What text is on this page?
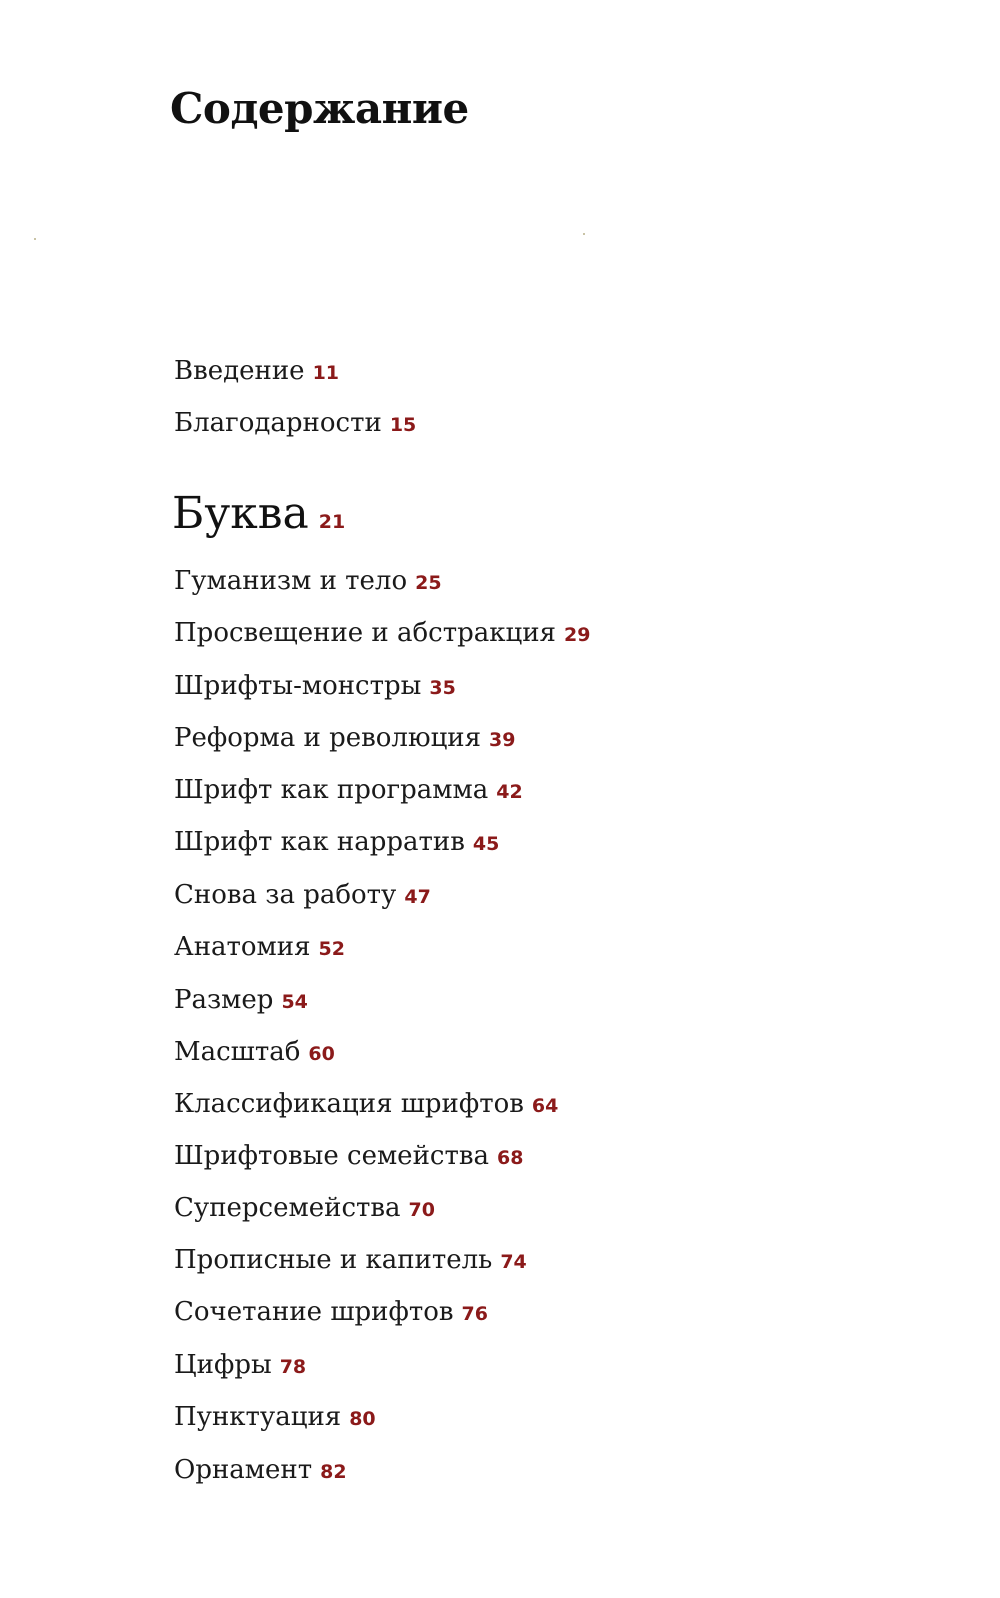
Содержание
Введение 11
Благодарности 15
Буква 21
Гуманизм и тело 25
Просвещение и абстракция 29
Шрифты-монстры 35
Реформа и революция 39
Шрифт как программа 42
Шрифт как нарратив 45
Снова за работу 47
Анатомия 52
Размер 54
Масштаб 60
Классификация шрифтов 64
Шрифтовые семейства 68
Суперсемейства 70
Прописные и капитель 74
Сочетание шрифтов 76
Цифры 78
Пунктуация 80
Орнамент 82
